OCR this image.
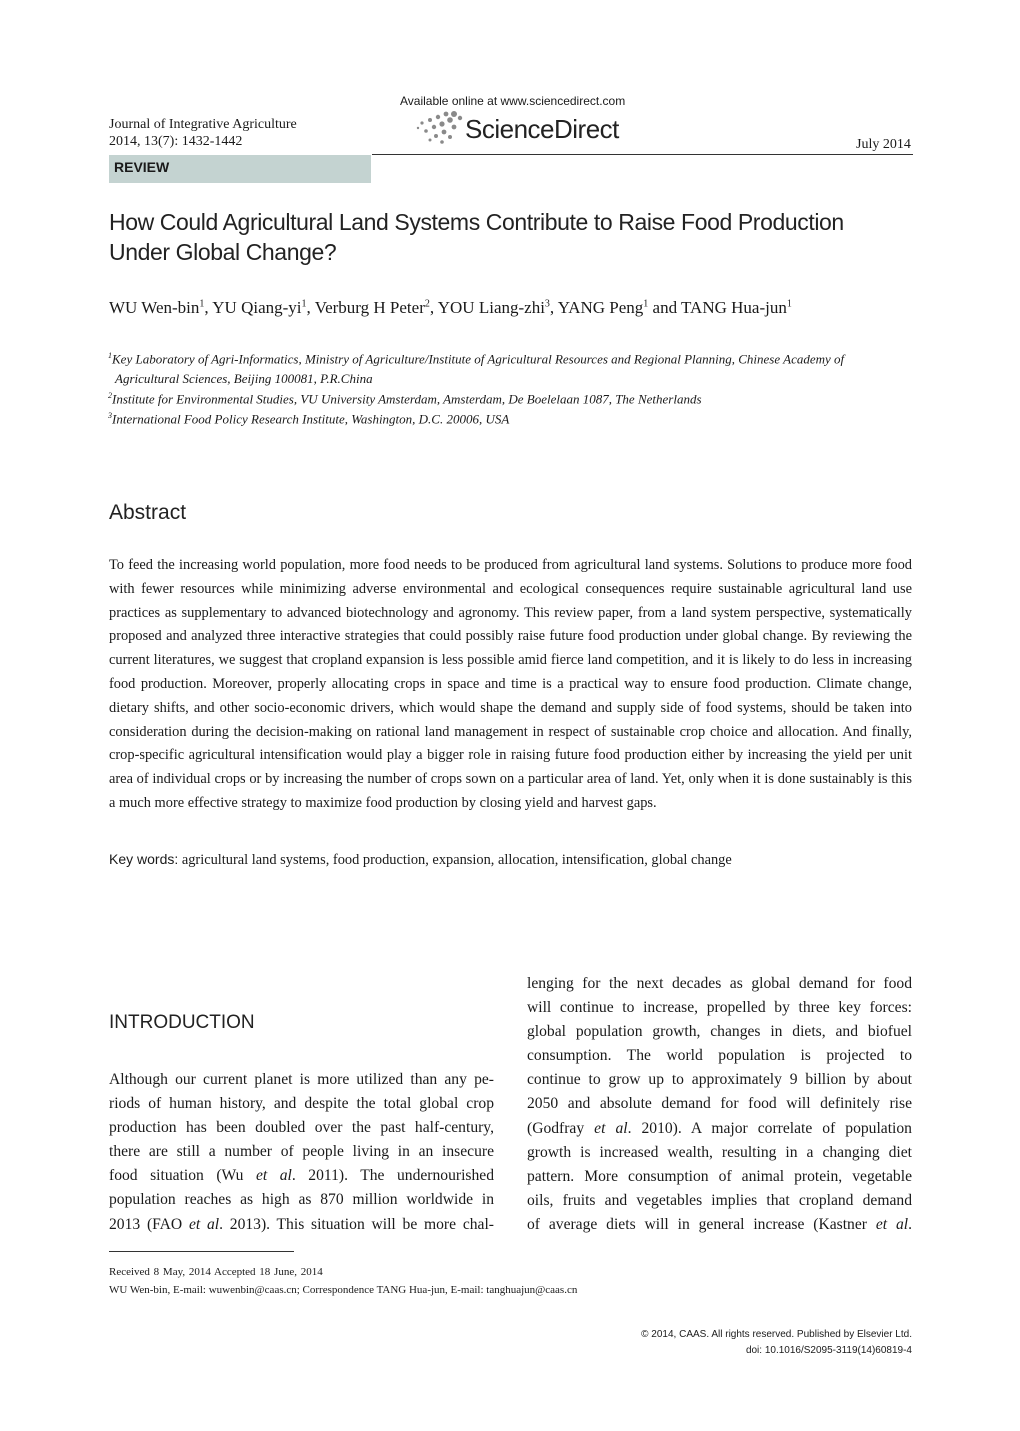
Available online at www.sciencedirect.com
Journal of Integrative Agriculture
2014, 13(7): 1432-1442	ScienceDirect
July 2014
REVIEW
How Could Agricultural Land Systems Contribute to Raise Food Production
Under Global Change?
WU Wen-bin$^1$, YU Qiang-$yi^1$, Verburg H Peter$^2$, YOU Liang-zhi$^3$, YANG Peng$^1$ and TANG Hua-jun$^1$
$^1$Key Laboratory of Agri-Informatics, Ministry of Agriculture/Institute of Agricultural Resources and Regional Planning, Chinese Academy of
Agricultural Sciences, Beijing 100081, P.R.China
$^2$Institute for Environmental Studies, VU University Amsterdam, Amsterdam, De Boelelaan 1087, The Netherlands
$^3$International Food Policy Research Institute, Washington, D.C. 20006, USA
Abstract
To feed the increasing world population, more food needs to be produced from agricultural land systems. Solutions to produce more food with fewer resources while minimizing adverse environmental and ecological consequences require sustainable agricultural land use practices as supplementary to advanced biotechnology and agronomy. This review paper, from a land system perspective, systematically proposed and analyzed three interactive strategies that could possibly raise future food production under global change. By reviewing the current literatures, we suggest that cropland expansion is less possible amid fierce land competition, and it is likely to do less in increasing food production. Moreover, properly allocating crops in space and time is a practical way to ensure food production. Climate change, dietary shifts, and other socio-economic drivers, which would shape the demand and supply side of food systems, should be taken into consideration during the decision-making on rational land management in respect of sustainable crop choice and allocation. And finally, crop-specific agricultural intensification would play a bigger role in raising future food production either by increasing the yield per unit area of individual crops or by increasing the number of crops sown on a particular area of land. Yet, only when it is done sustainably is this a much more effective strategy to maximize food production by closing yield and harvest gaps.
Key words: agricultural land systems, food production, expansion, allocation, intensification, global change
INTRODUCTION
Although our current planet is more utilized than any pe-
riods of human history, and despite the total global crop
production has been doubled over the past half-century,
there are still a number of people living in an insecure
food situation (Wu et al. 2011). The undernourished
population reaches as high as 870 million worldwide in
2013 (FAO et al. 2013). This situation will be more chal-
lenging for the next decades as global demand for food
will continue to increase, propelled by three key forces:
global population growth, changes in diets, and biofuel
consumption. The world population is projected to
continue to grow up to approximately 9 billion by about
2050 and absolute demand for food will definitely rise
(Godfray et al. 2010). A major correlate of population
growth is increased wealth, resulting in a changing diet
pattern. More consumption of animal protein, vegetable
oils, fruits and vegetables implies that cropland demand
of average diets will in general increase (Kastner et al.
Received 8 May, 2014 Accepted 18 June, 2014
WU Wen-bin, E-mail: wuwenbin@caas.cn; Correspondence TANG Hua-jun, E-mail: tanghuajun@caas.cn
© 2014, CAAS. All rights reserved. Published by Elsevier Ltd.
doi: 10.1016/S2095-3119(14)60819-4
